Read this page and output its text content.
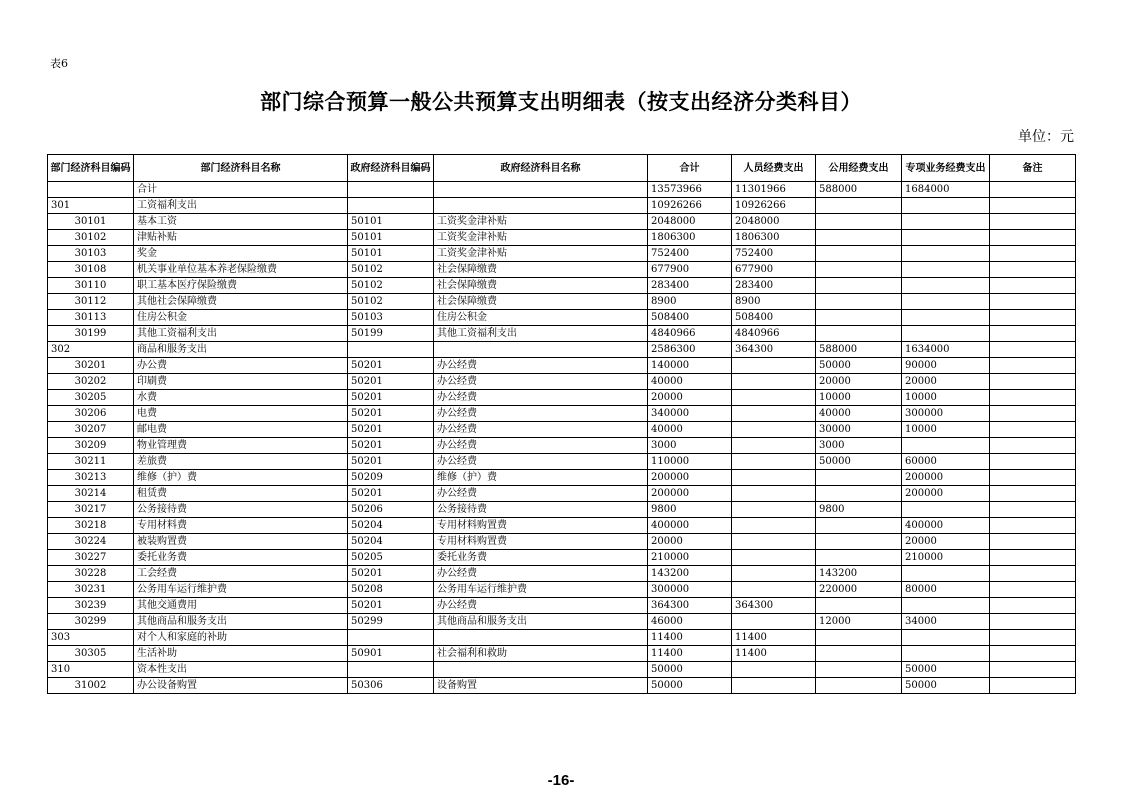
表6
部门综合预算一般公共预算支出明细表（按支出经济分类科目）
单位：元
部门经济科目编码	部门经济科目名称	政府经济科目编码	政府经济科目名称	合计	人员经费支出	公用经费支出	专项业务经费支出	备注
	合计			13573966	11301966	588000	1684000	
301	工资福利支出			10926266	10926266			
30101	基本工资	50101	工资奖金津补贴	2048000	2048000			
30102	津贴补贴	50101	工资奖金津补贴	1806300	1806300			
30103	奖金	50101	工资奖金津补贴	752400	752400			
30108	机关事业单位基本养老保险缴费	50102	社会保障缴费	677900	677900			
30110	职工基本医疗保险缴费	50102	社会保障缴费	283400	283400			
30112	其他社会保障缴费	50102	社会保障缴费	8900	8900			
30113	住房公积金	50103	住房公积金	508400	508400			
30199	其他工资福利支出	50199	其他工资福利支出	4840966	4840966			
302	商品和服务支出			2586300	364300	588000	1634000	
30201	办公费	50201	办公经费	140000		50000	90000	
30202	印刷费	50201	办公经费	40000		20000	20000	
30205	水费	50201	办公经费	20000		10000	10000	
30206	电费	50201	办公经费	340000		40000	300000	
30207	邮电费	50201	办公经费	40000		30000	10000	
30209	物业管理费	50201	办公经费	3000		3000		
30211	差旅费	50201	办公经费	110000		50000	60000	
30213	维修（护）费	50209	维修（护）费	200000			200000	
30214	租赁费	50201	办公经费	200000			200000	
30217	公务接待费	50206	公务接待费	9800		9800		
30218	专用材料费	50204	专用材料购置费	400000			400000	
30224	被装购置费	50204	专用材料购置费	20000			20000	
30227	委托业务费	50205	委托业务费	210000			210000	
30228	工会经费	50201	办公经费	143200		143200		
30231	公务用车运行维护费	50208	公务用车运行维护费	300000		220000	80000	
30239	其他交通费用	50201	办公经费	364300	364300			
30299	其他商品和服务支出	50299	其他商品和服务支出	46000		12000	34000	
303	对个人和家庭的补助			11400	11400			
30305	生活补助	50901	社会福利和救助	11400	11400			
310	资本性支出			50000			50000	
31002	办公设备购置	50306	设备购置	50000			50000	
-16-
